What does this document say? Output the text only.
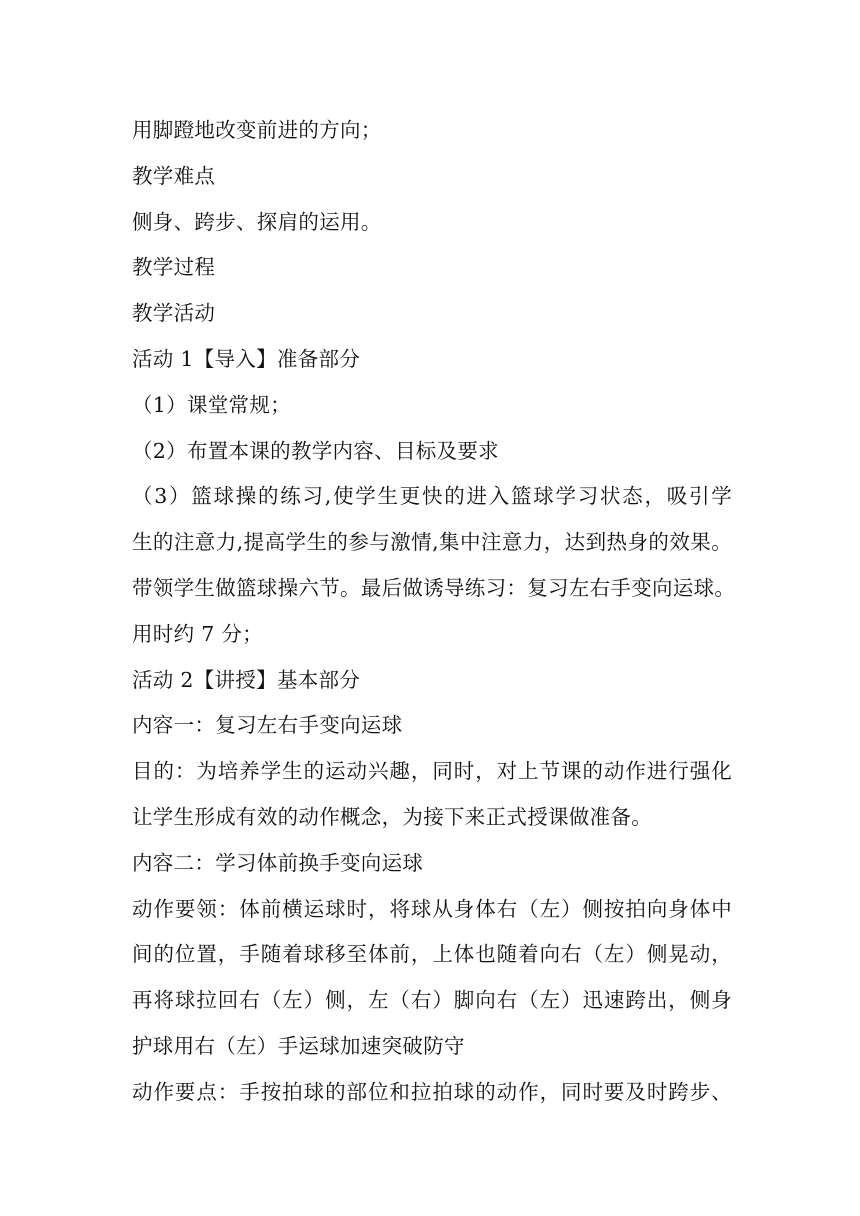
用脚蹬地改变前进的方向；
教学难点
侧身、跨步、探肩的运用。
教学过程
教学活动
活动 1【导入】准备部分
（1）课堂常规；
（2）布置本课的教学内容、目标及要求
（3）篮球操的练习,使学生更快的进入篮球学习状态，吸引学
生的注意力,提高学生的参与激情,集中注意力，达到热身的效果。
带领学生做篮球操六节。最后做诱导练习：复习左右手变向运球。
用时约 7 分；
活动 2【讲授】基本部分
内容一：复习左右手变向运球
目的：为培养学生的运动兴趣，同时，对上节课的动作进行强化
让学生形成有效的动作概念，为接下来正式授课做准备。
内容二：学习体前换手变向运球
动作要领：体前横运球时，将球从身体右（左）侧按拍向身体中
间的位置，手随着球移至体前，上体也随着向右（左）侧晃动，
再将球拉回右（左）侧，左（右）脚向右（左）迅速跨出，侧身
护球用右（左）手运球加速突破防守
动作要点：手按拍球的部位和拉拍球的动作，同时要及时跨步、
